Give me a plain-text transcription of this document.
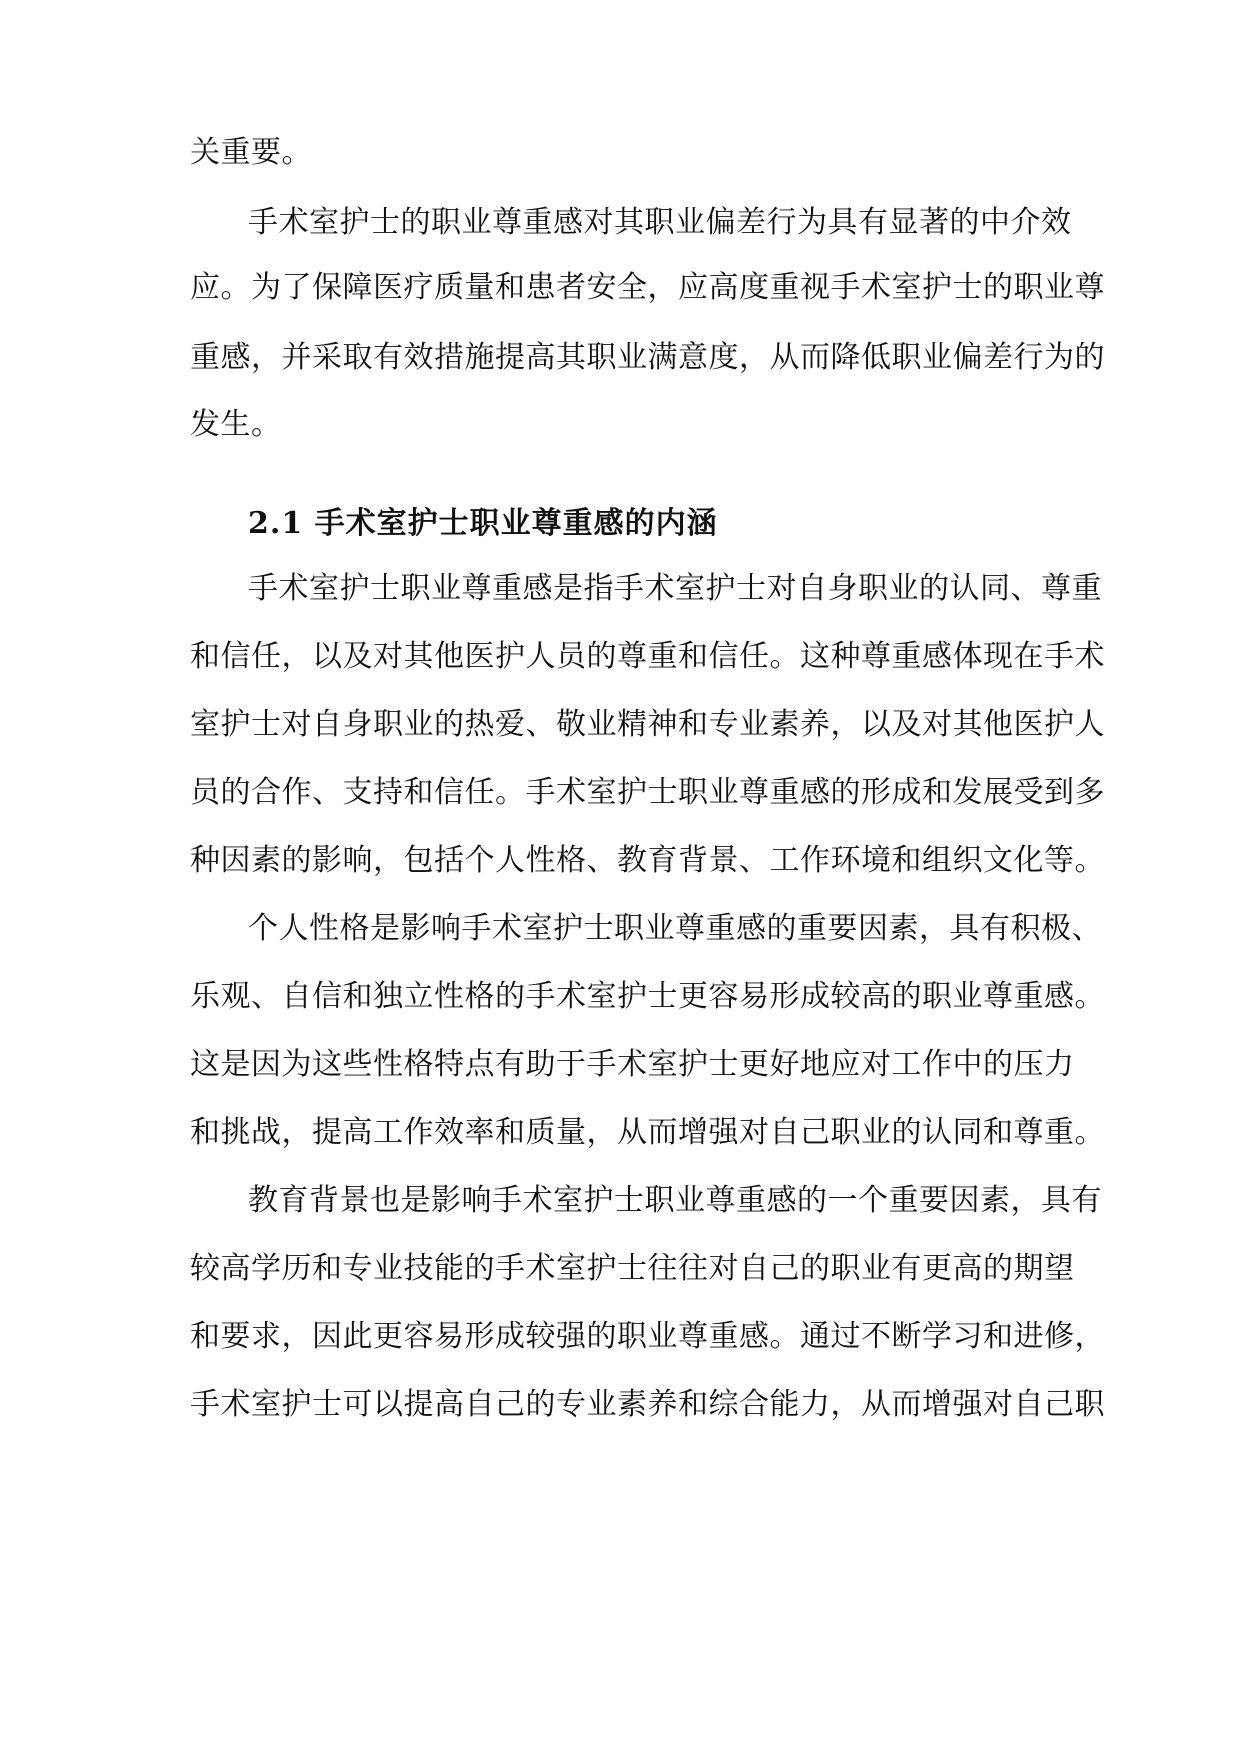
关重要。
手术室护士的职业尊重感对其职业偏差行为具有显著的中介效
应。为了保障医疗质量和患者安全，应高度重视手术室护士的职业尊
重感，并采取有效措施提高其职业满意度，从而降低职业偏差行为的
发生。
2.1 手术室护士职业尊重感的内涵
手术室护士职业尊重感是指手术室护士对自身职业的认同、尊重
和信任，以及对其他医护人员的尊重和信任。这种尊重感体现在手术
室护士对自身职业的热爱、敬业精神和专业素养，以及对其他医护人
员的合作、支持和信任。手术室护士职业尊重感的形成和发展受到多
种因素的影响，包括个人性格、教育背景、工作环境和组织文化等。
个人性格是影响手术室护士职业尊重感的重要因素，具有积极、
乐观、自信和独立性格的手术室护士更容易形成较高的职业尊重感。
这是因为这些性格特点有助于手术室护士更好地应对工作中的压力
和挑战，提高工作效率和质量，从而增强对自己职业的认同和尊重。
教育背景也是影响手术室护士职业尊重感的一个重要因素，具有
较高学历和专业技能的手术室护士往往对自己的职业有更高的期望
和要求，因此更容易形成较强的职业尊重感。通过不断学习和进修，
手术室护士可以提高自己的专业素养和综合能力，从而增强对自己职
